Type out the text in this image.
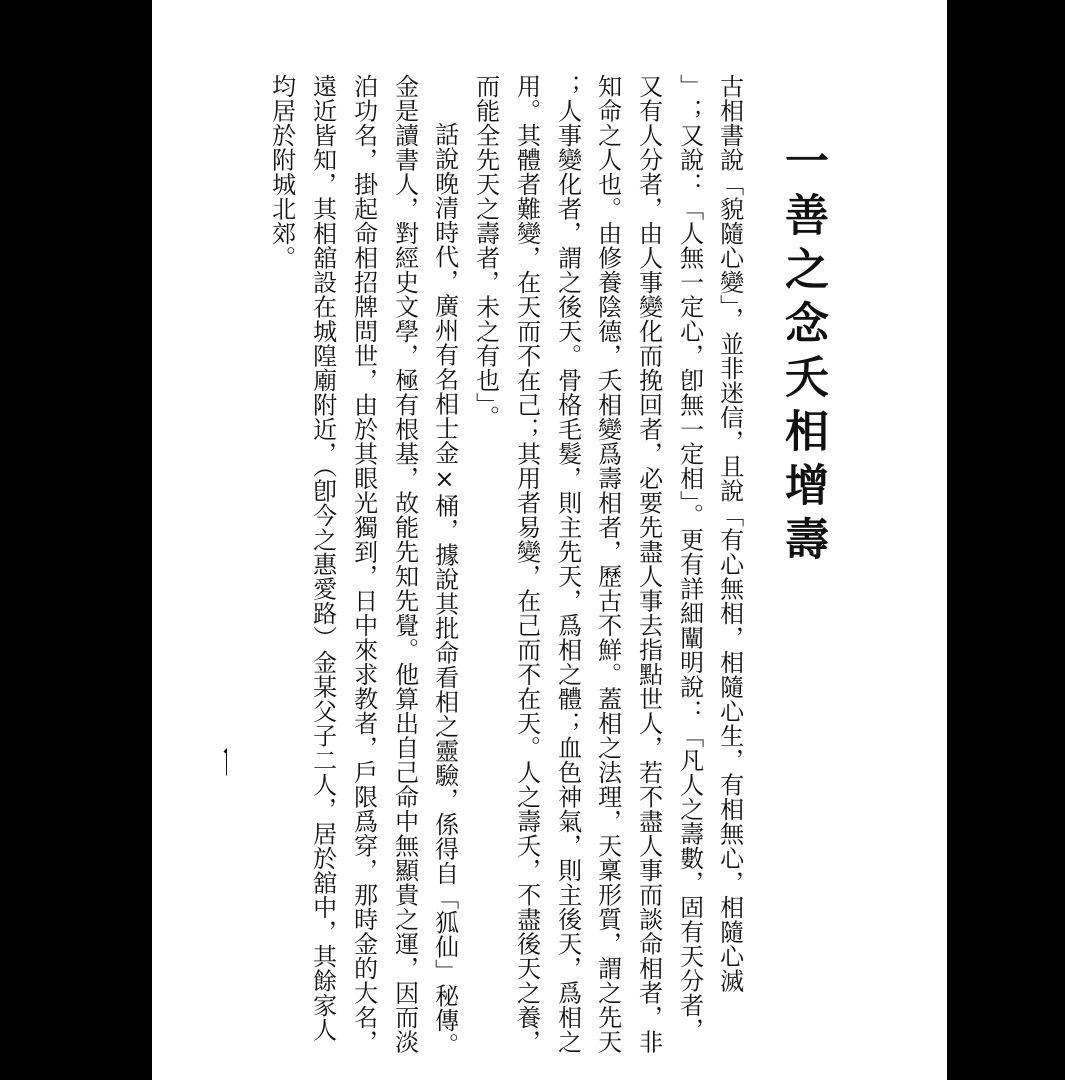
一善之念夭相增壽
古相書說「貌隨心變」，並非迷信，且說「有心無相，相隨心生，有相無心，相隨心滅
」；又說：「人無一定心，卽無一定相」。更有詳細闡明說：「凡人之壽數，固有天分者，
又有人分者，由人事變化而挽回者，必要先盡人事去指點世人，若不盡人事而談命相者，非
知命之人也。由修養陰德，夭相變爲壽相者，歷古不鮮。蓋相之法理，天稟形質，謂之先天
；人事變化者，謂之後天。骨格毛髮，則主先天，爲相之體；血色神氣，則主後天，爲相之
用。其體者難變，在天而不在己；其用者易變，在己而不在天。人之壽夭，不盡後天之養，
而能全先天之壽者，未之有也」。
話說晚清時代，廣州有名相士金×桶，據說其批命看相之靈驗，係得自「狐仙」秘傳。
金是讀書人，對經史文學，極有根基，故能先知先覺。他算出自己命中無顯貴之運，因而淡
泊功名，掛起命相招牌問世，由於其眼光獨到，日中來求教者，戶限爲穿，那時金的大名，
遠近皆知，其相舘設在城隍廟附近，（卽今之惠愛路）金某父子二人，居於舘中，其餘家人
均居於附城北郊。
一
